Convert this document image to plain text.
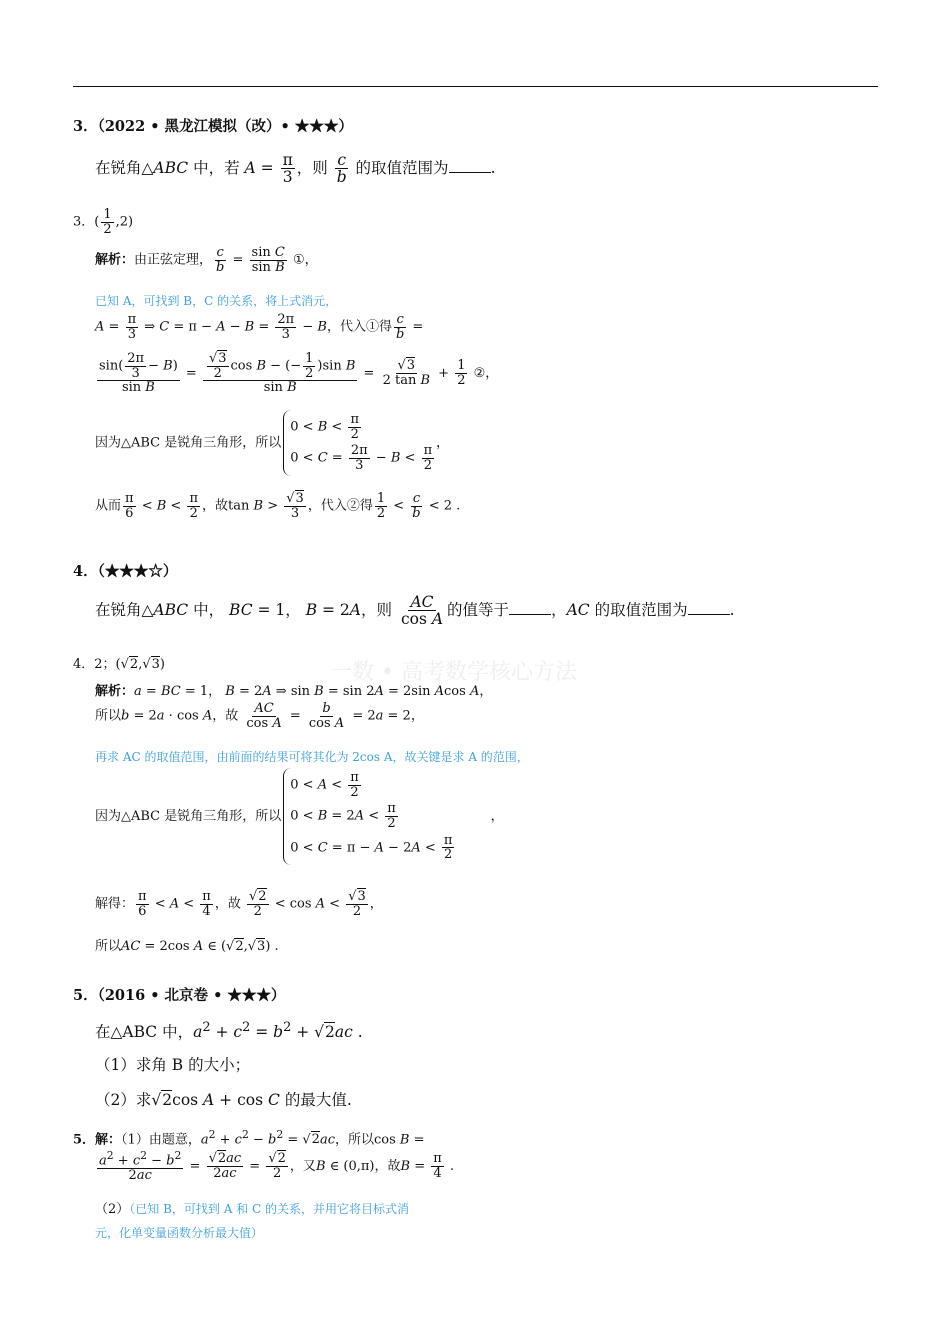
一数 • 高考数学核心方法
3．（2022 • 黑龙江模拟（改）• ★★★）
在锐角△ABC 中，若 $A = \frac{\pi}{3}$ ，则 $\frac{c}{b}$ 的取值范围为	.
3．( $\frac{1}{2} ,2$)
解析：由正弦定理， $\frac{c}{b} = \frac{\text{sin C}}{\text{sin B}}$ ①，
已知 A，可找到 B，C 的关系，将上式消元，
$A = \frac{\pi}{3}$ ⇒ $C = \pi - A - B = \frac{2\pi}{3} - B$，代入①得 $\frac{c}{b}$ =
$\frac{\sin( \frac{2\pi}{3} - B)}{\text{sin B}} = \frac{\frac{√3}{2} \cos B - (- \frac{1}{2} )\sin B}{\text{sin B}} = \frac{√3}{\text{2 tan B}} + \frac{1}{2}$ ②，
因为△ABC 是锐角三角形，所以
$0 < B < \frac{\pi}{2}$
$0 < C = \frac{2\pi}{3} - B < \frac{\pi}{2}$
，
从而 $\frac{\pi}{6} < B < \frac{\pi}{2}$ ，故$\tan B > \frac{√3}{3}$ ，代入②得 $\frac{1}{2} < \frac{c}{b} < 2$ .
4．（★★★☆）
在锐角△ABC 中， BC = 1， B = 2A，则 $\frac{AC}{\text{cos A}}$ 的值等于	，AC 的取值范围为	.
4．2；(√2,√3)
解析：a = BC = 1， B = 2A ⇒ sin B = sin 2A = 2sin Acos A，
所以b = 2a · cos A，故 $\frac{AC}{\text{cos A}} = \frac{b}{\text{cos A}} = 2a = 2$，
再求 AC 的取值范围，由前面的结果可将其化为 2cos A，故关键是求 A 的范围，
因为△ABC 是锐角三角形，所以
$0 < A < \frac{\pi}{2}$
$0 < B = 2A < \frac{\pi}{2}$
$0 < C = \pi - A - 2A < \frac{\pi}{2}$
，
解得： $\frac{\pi}{6} < A < \frac{\pi}{4}$ ，故 $\frac{√2}{2} < \cos A < \frac{√3}{2}$ ，
所以AC = 2cos A ∈ (√2,√3) .
5．（2016 • 北京卷 • ★★★）
在△ABC 中，$a^2 + c^2 = b^2 + √2ac$ .
（1）求角 B 的大小；
（2）求√2cos A + cos C 的最大值.
5．解：（1）由题意，$a^2 + c^2 - b^2 = √2ac$，所以cos B =
$\frac{a^2 + c^2 - b^2}{2ac} = \frac{√2ac}{2ac} = \frac{√2}{2}$ ，又B ∈ (0,π)，故$B = \frac{\pi}{4}$ .
（2）（已知 B，可找到 A 和 C 的关系，并用它将目标式消
元，化单变量函数分析最大值）
